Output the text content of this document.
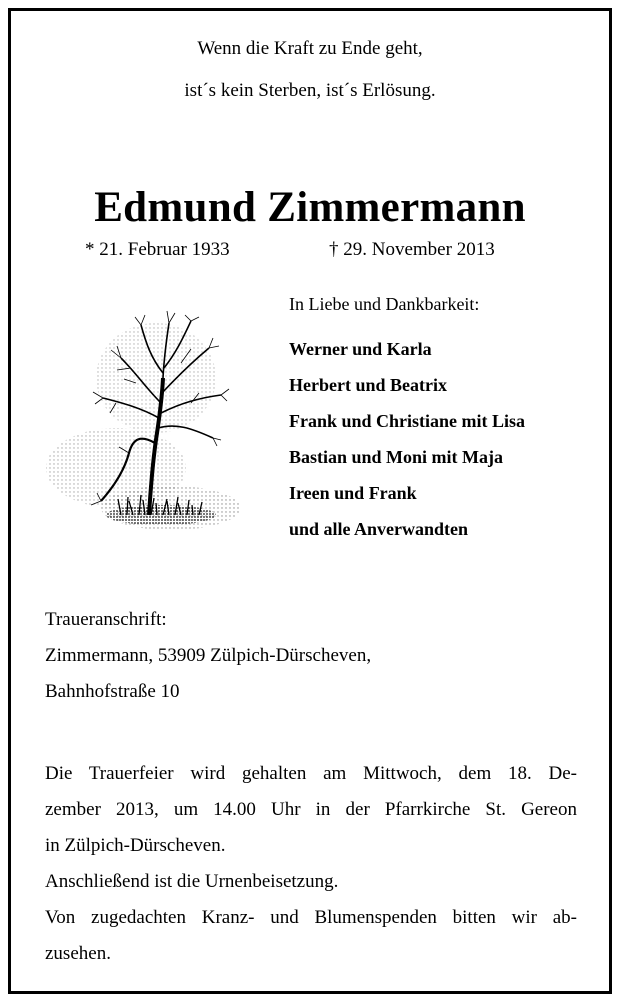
Wenn die Kraft zu Ende geht,
ist´s kein Sterben, ist´s Erlösung.
Edmund Zimmermann
* 21. Februar 1933	† 29. November 2013
In Liebe und Dankbarkeit:
Werner und Karla
Herbert und Beatrix
Frank und Christiane mit Lisa
Bastian und Moni mit Maja
Ireen und Frank
und alle Anverwandten
Traueranschrift:
Zimmermann, 53909 Zülpich-Dürscheven,
Bahnhofstraße 10
Die Trauerfeier wird gehalten am Mittwoch, dem 18. De-
zember 2013, um 14.00 Uhr in der Pfarrkirche St. Gereon
in Zülpich-Dürscheven.
Anschließend ist die Urnenbeisetzung.
Von zugedachten Kranz- und Blumenspenden bitten wir ab-
zusehen.
